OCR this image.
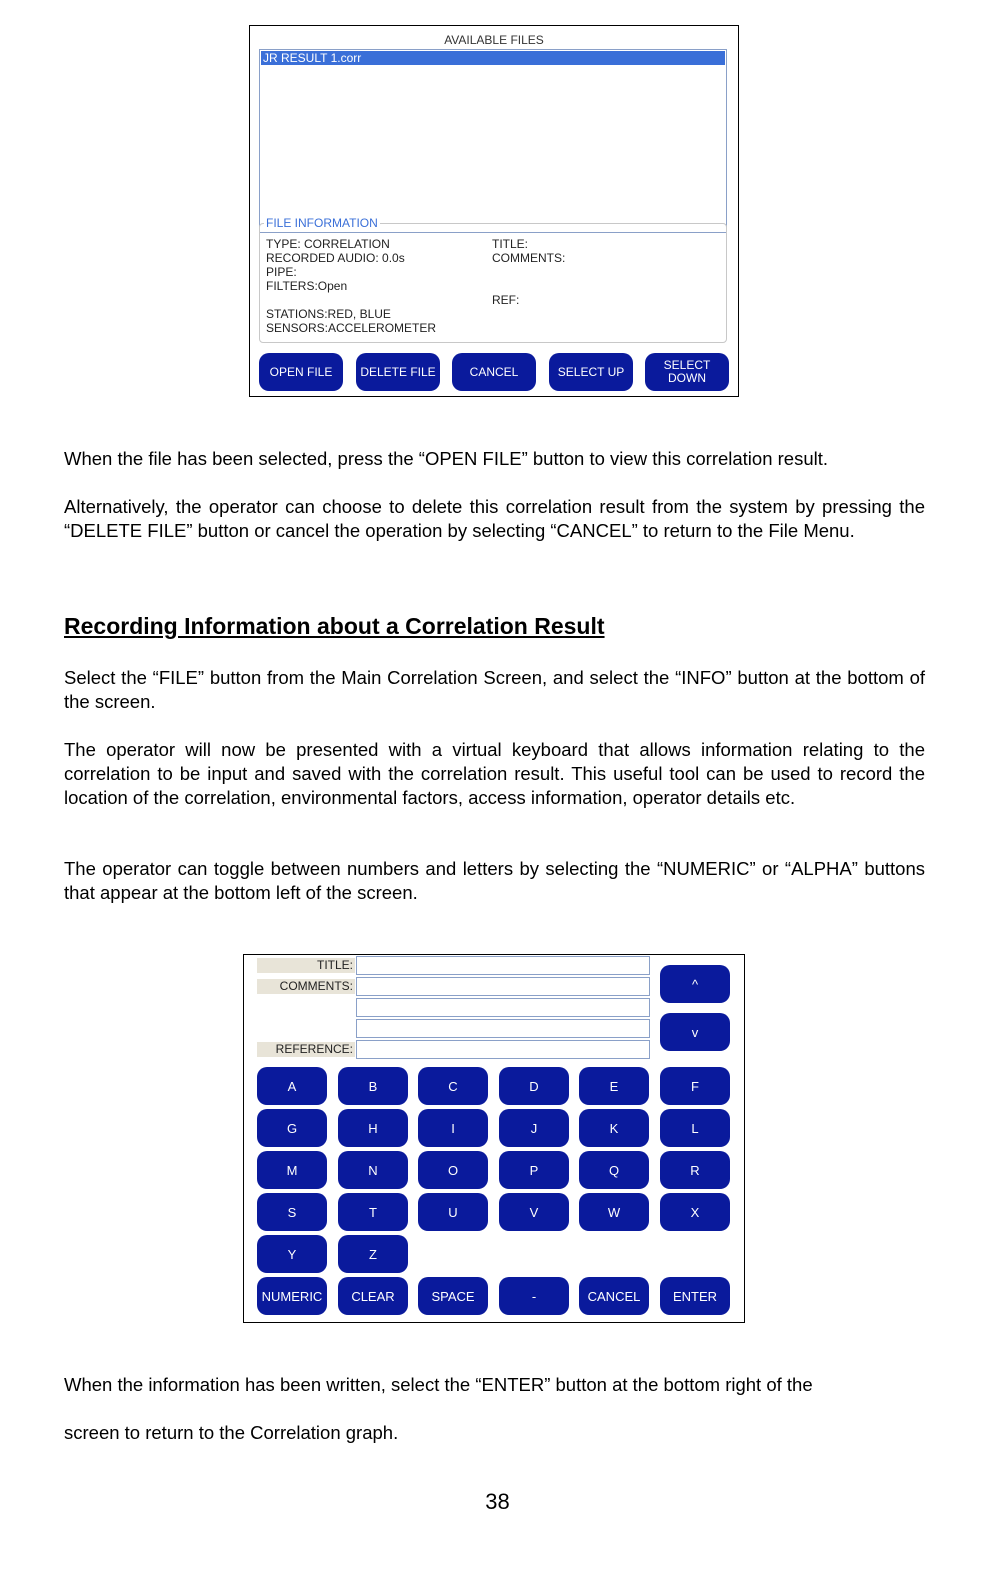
AVAILABLE FILES
JR RESULT 1.corr
FILE INFORMATION
TYPE: CORRELATION
RECORDED AUDIO: 0.0s
PIPE:
FILTERS:Open
STATIONS:RED, BLUE
SENSORS:ACCELEROMETER
TITLE:
COMMENTS:
REF:
OPEN FILE	DELETE FILE	CANCEL	SELECT UP	SELECT DOWN
When the file has been selected, press the “OPEN FILE” button to view this correlation result.
Alternatively, the operator can choose to delete this correlation result from the system by pressing the “DELETE FILE” button or cancel the operation by selecting “CANCEL” to return to the File Menu.
Recording Information about a Correlation Result
Select the “FILE” button from the Main Correlation Screen, and select the “INFO” button at the bottom of the screen.
The operator will now be presented with a virtual keyboard that allows information relating to the correlation to be input and saved with the correlation result. This useful tool can be used to record the location of the correlation, environmental factors, access information, operator details etc.
The operator can toggle between numbers and letters by selecting the “NUMERIC” or “ALPHA” buttons that appear at the bottom left of the screen.
TITLE:
COMMENTS:
REFERENCE:
^
v
A	B	C	D	E	F
G	H	I	J	K	L
M	N	O	P	Q	R
S	T	U	V	W	X
Y	Z
NUMERIC	CLEAR	SPACE	-	CANCEL	ENTER
When the information has been written, select the “ENTER” button at the bottom right of the
screen to return to the Correlation graph.
38
